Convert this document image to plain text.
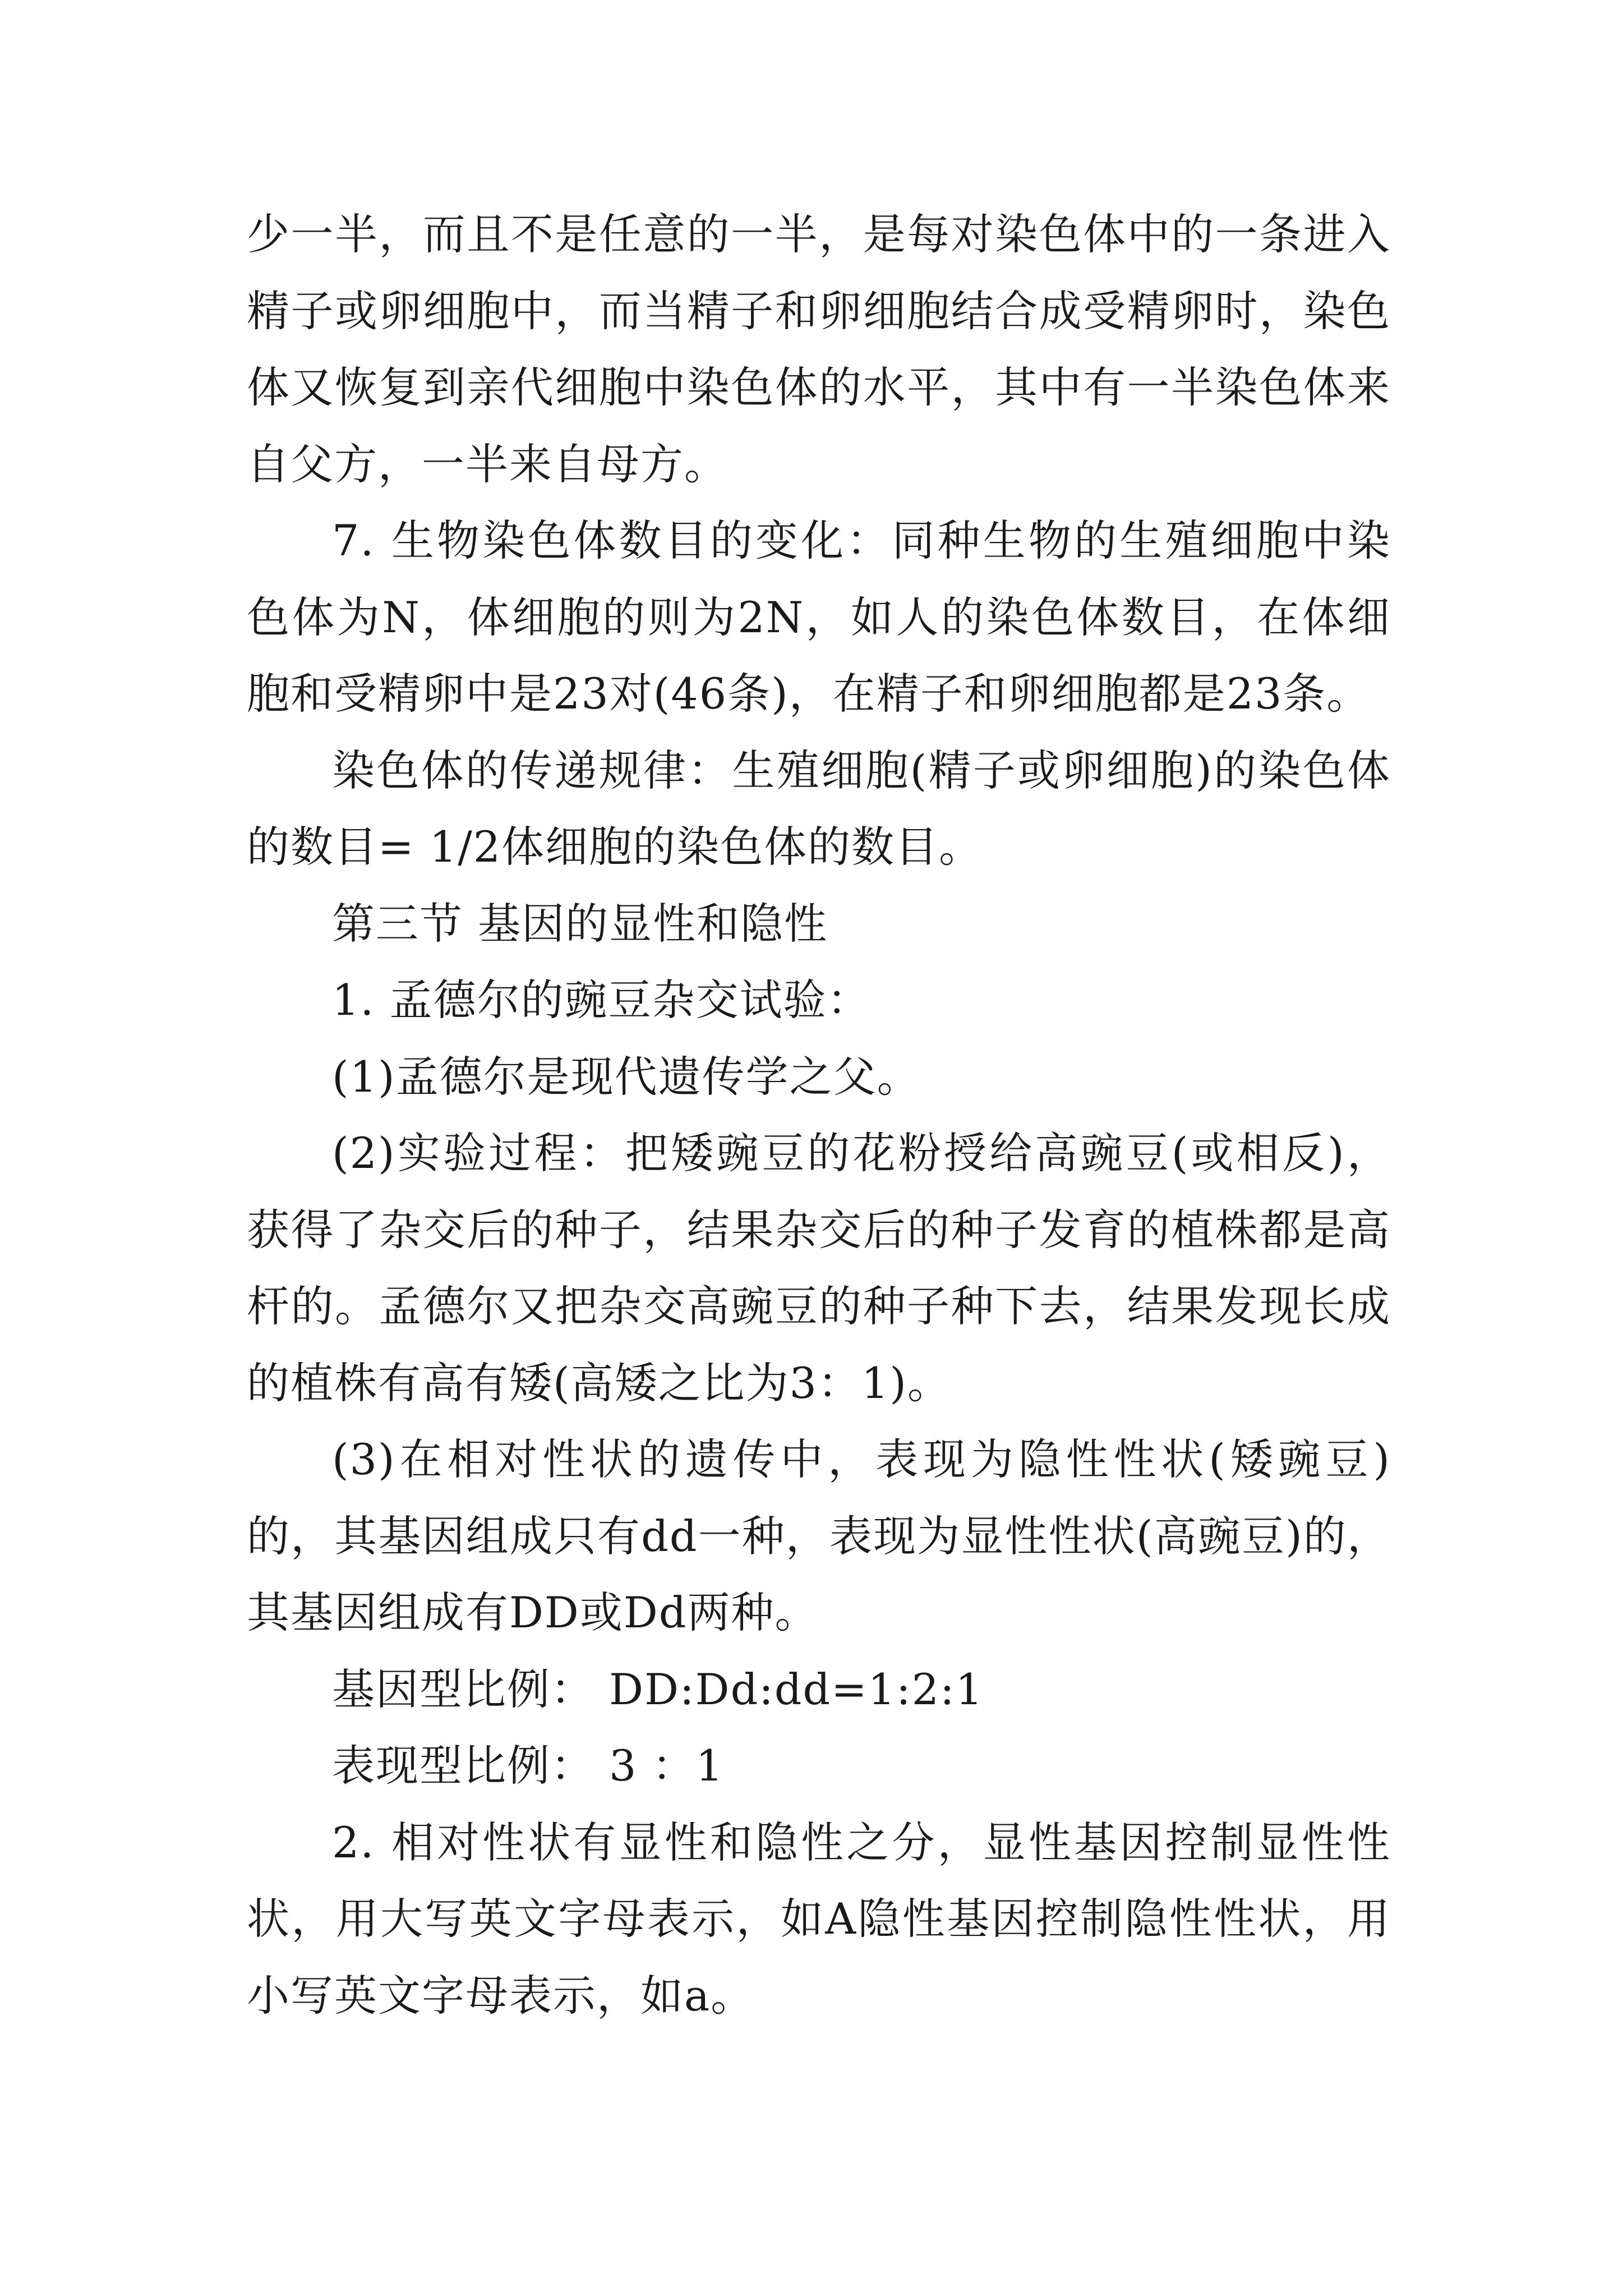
少一半，而且不是任意的一半，是每对染色体中的一条进入精子或卵细胞中，而当精子和卵细胞结合成受精卵时，染色体又恢复到亲代细胞中染色体的水平，其中有一半染色体来自父方，一半来自母方。

7. 生物染色体数目的变化：同种生物的生殖细胞中染色体为N，体细胞的则为2N，如人的染色体数目，在体细胞和受精卵中是23对(46条)，在精子和卵细胞都是23条。

染色体的传递规律：生殖细胞(精子或卵细胞)的染色体的数目= 1/2体细胞的染色体的数目。

第三节 基因的显性和隐性

1. 孟德尔的豌豆杂交试验：

(1)孟德尔是现代遗传学之父。

(2)实验过程：把矮豌豆的花粉授给高豌豆(或相反)，获得了杂交后的种子，结果杂交后的种子发育的植株都是高杆的。孟德尔又把杂交高豌豆的种子种下去，结果发现长成的植株有高有矮(高矮之比为3：1)。

(3)在相对性状的遗传中，表现为隐性性状(矮豌豆)的，其基因组成只有dd一种，表现为显性性状(高豌豆)的，其基因组成有DD或Dd两种。

基因型比例： DD:Dd:dd=1:2:1

表现型比例： 3 ：1

2. 相对性状有显性和隐性之分，显性基因控制显性性状，用大写英文字母表示，如A隐性基因控制隐性性状，用小写英文字母表示，如a。
